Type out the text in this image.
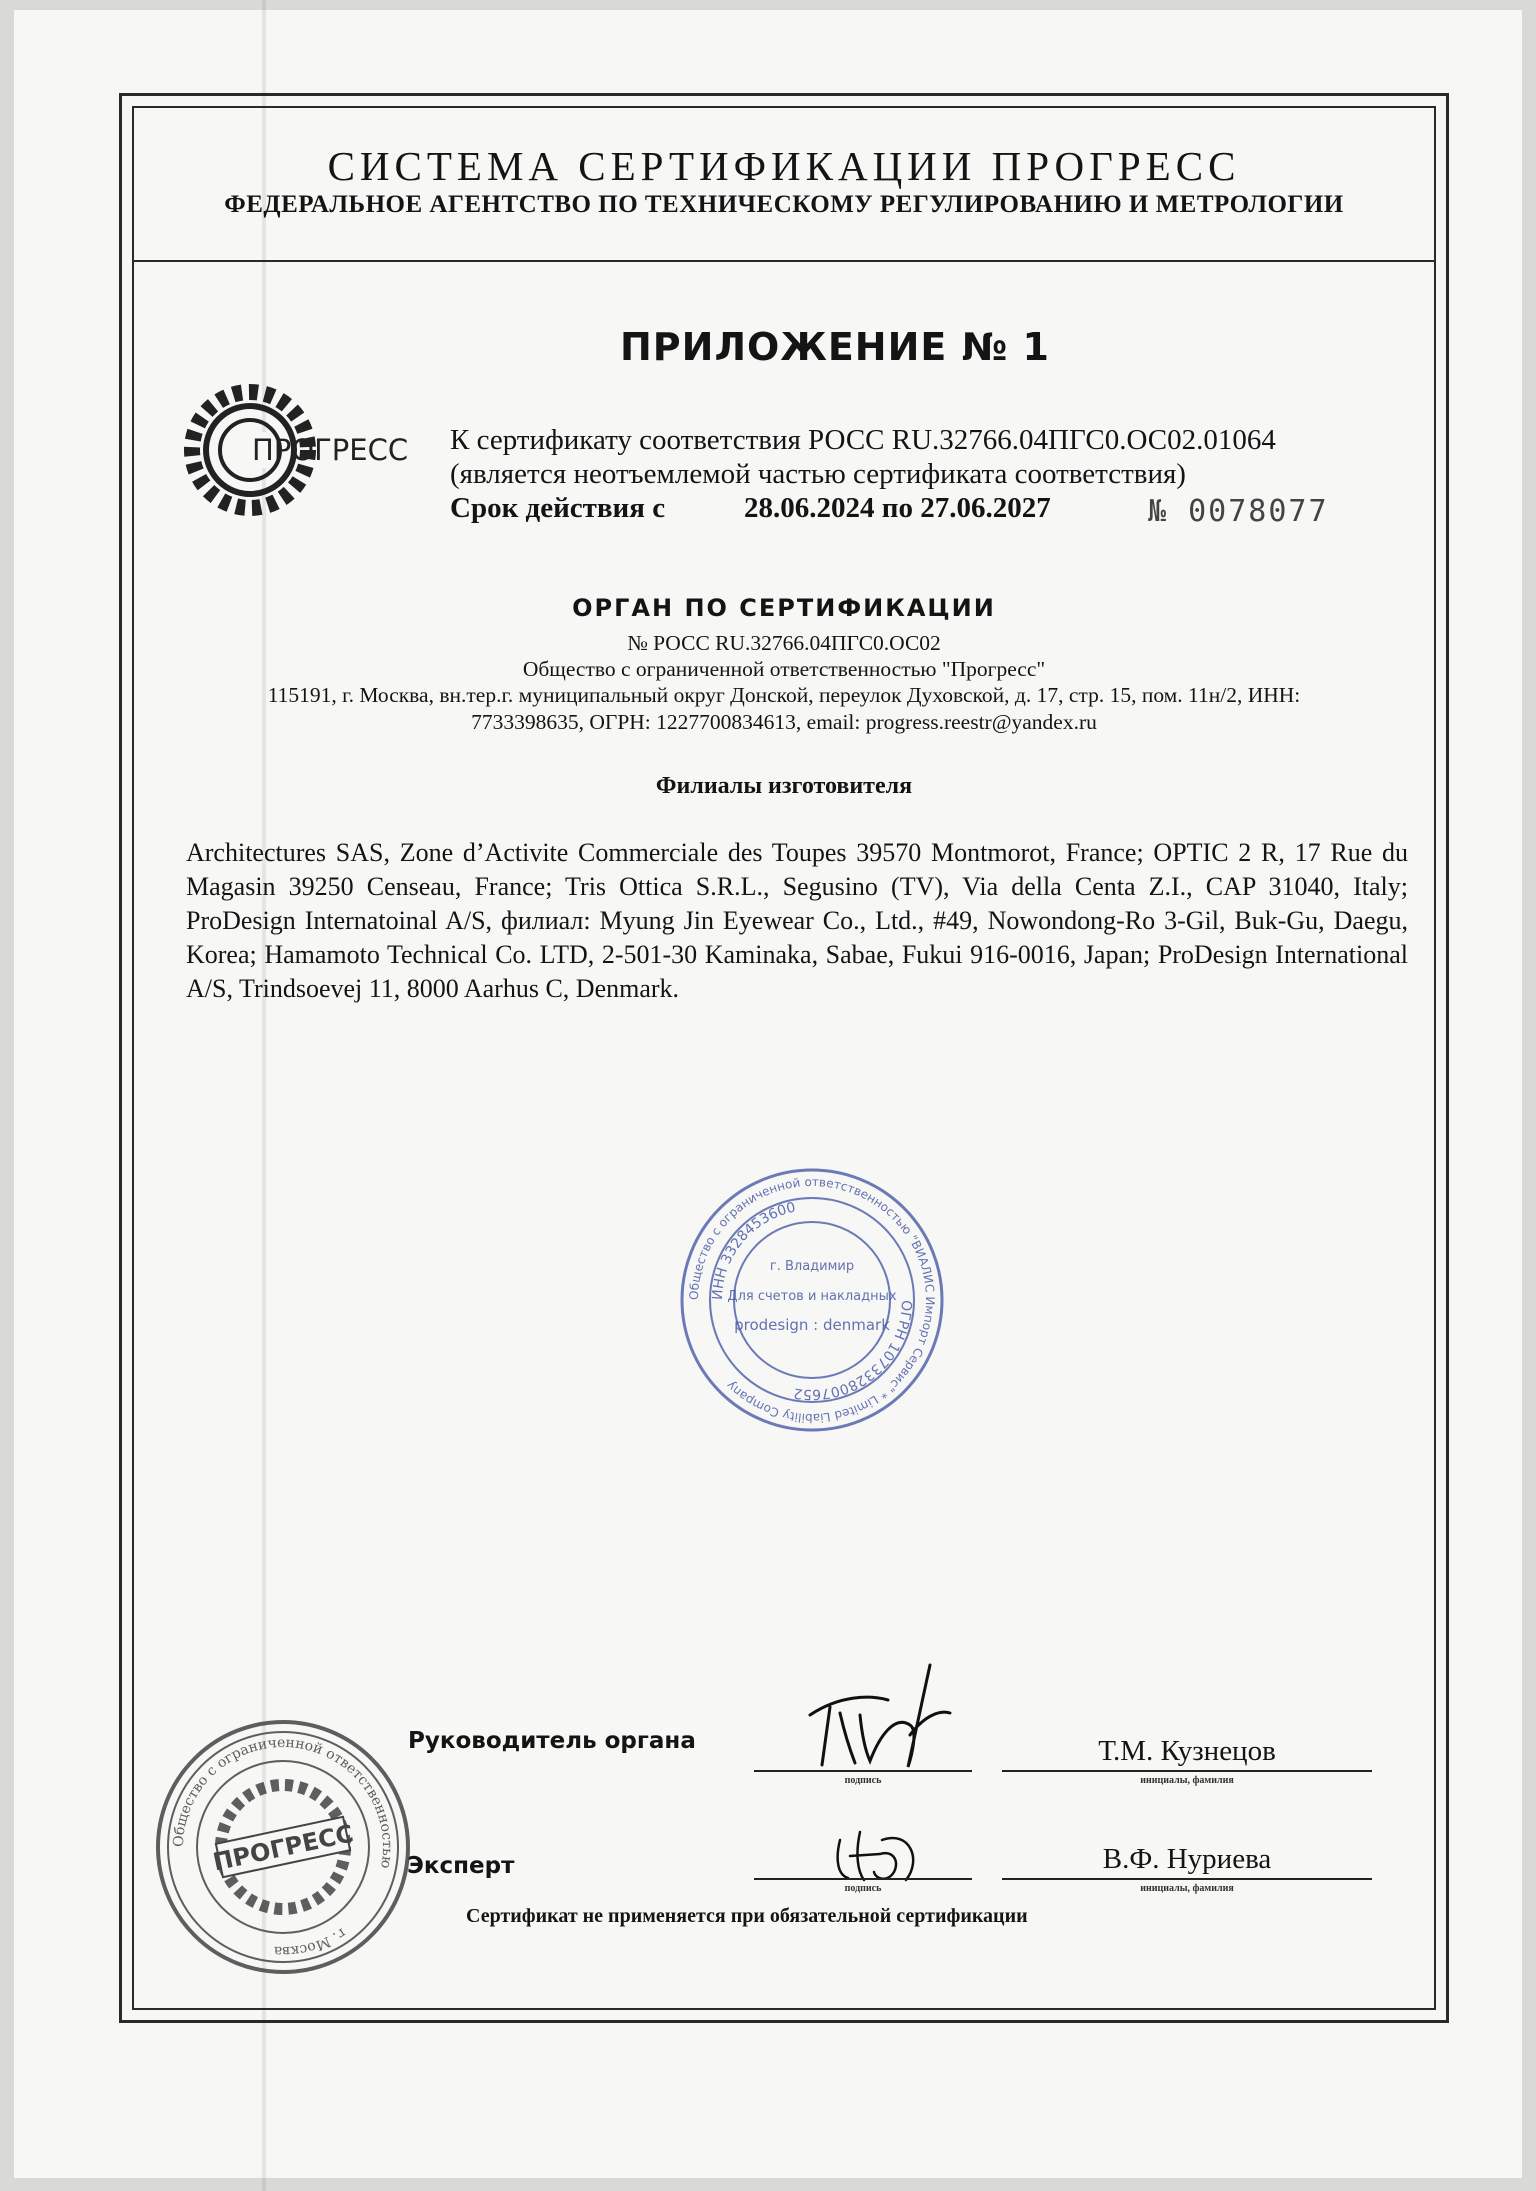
СИСТЕМА СЕРТИФИКАЦИИ ПРОГРЕСС
ФЕДЕРАЛЬНОЕ АГЕНТСТВО ПО ТЕХНИЧЕСКОМУ РЕГУЛИРОВАНИЮ И МЕТРОЛОГИИ
ПРИЛОЖЕНИЕ № 1
ПРОГРЕСС К сертификату соответствия РОСС RU.32766.04ПГС0.ОС02.01064
(является неотъемлемой частью сертификата соответствия)
Срок действия с	28.06.2024 по 27.06.2027	№ 0078077
ОРГАН ПО СЕРТИФИКАЦИИ
№ РОСС RU.32766.04ПГС0.ОС02
Общество с ограниченной ответственностью "Прогресс"
115191, г. Москва, вн.тер.г. муниципальный округ Донской, переулок Духовской, д. 17, стр. 15, пом. 11н/2, ИНН:
7733398635, ОГРН: 1227700834613, email: progress.reestr@yandex.ru
Филиалы изготовителя
Architectures SAS, Zone d’Activite Commerciale des Toupes 39570 Montmorot, France; OPTIC 2 R, 17 Rue du Magasin 39250 Censeau, France; Tris Ottica S.R.L., Segusino (TV), Via della Centa Z.I., CAP 31040, Italy; ProDesign Internatoinal A/S, филиал: Myung Jin Eyewear Co., Ltd., #49, Nowondong-Ro 3-Gil, Buk-Gu, Daegu, Korea; Hamamoto Technical Co. LTD, 2-501-30 Kaminaka, Sabae, Fukui 916-0016, Japan; ProDesign International A/S, Trindsoevej 11, 8000 Aarhus C, Denmark.
Общество с ограниченной ответственностью "ВИАЛИС Импорт Сервис" * Limited Liability Company
ИНН 3328453600
ОГРН 1073328007652
г. Владимир
Для счетов и накладных
prodesign : denmark
Руководитель органа
Эксперт
Т.М. Кузнецов
В.Ф. Нуриева
подпись	инициалы, фамилия
подпись	инициалы, фамилия
Общество с ограниченной ответственностью
г. Москва
ПРОГРЕСС
Сертификат не применяется при обязательной сертификации
